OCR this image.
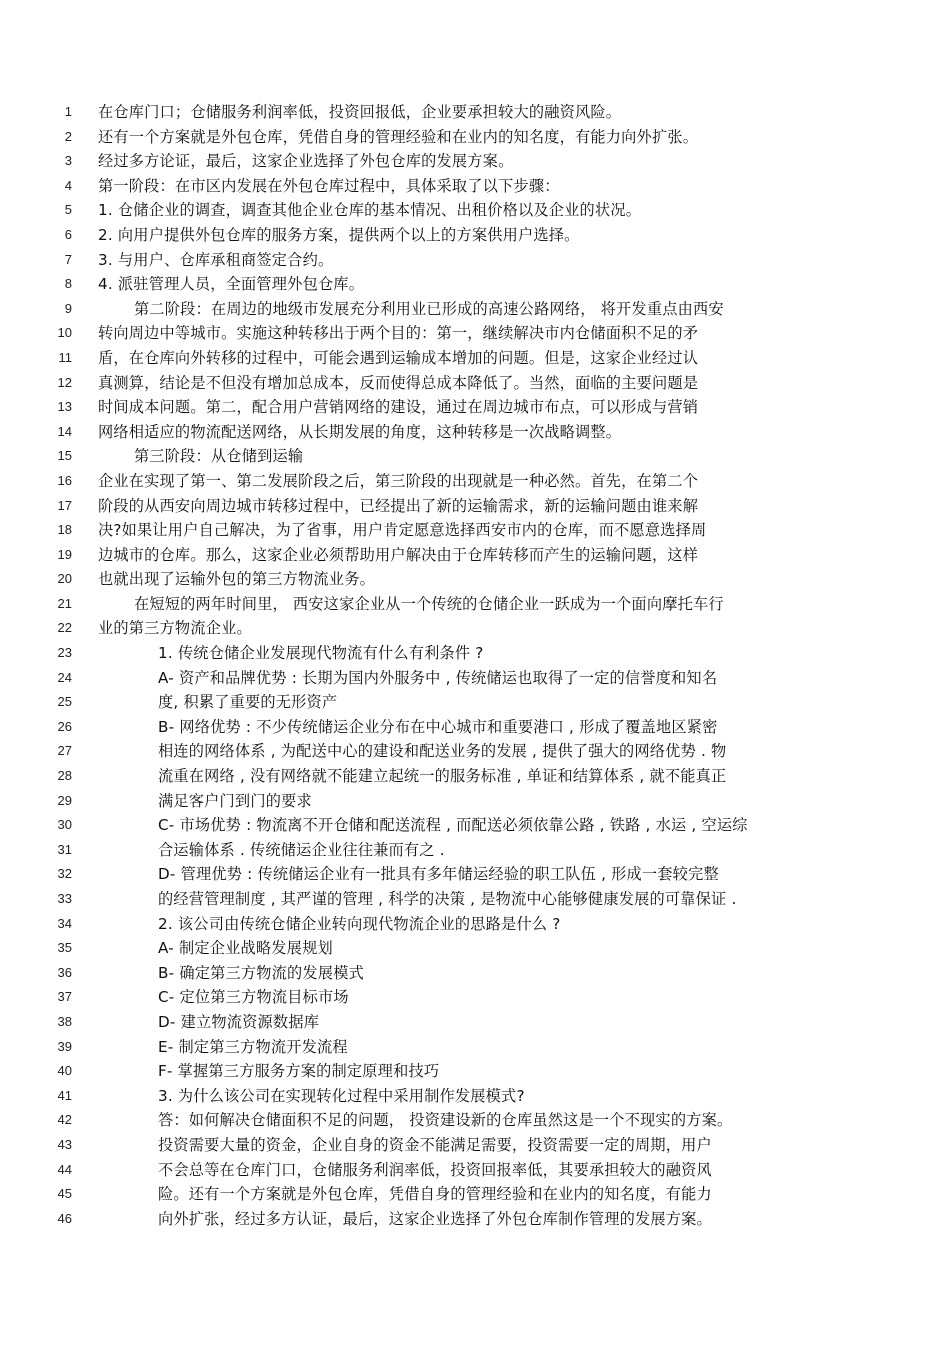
1 在仓库门口；仓储服务利润率低，投资回报低，企业要承担较大的融资风险。
2 还有一个方案就是外包仓库，凭借自身的管理经验和在业内的知名度，有能力向外扩张。
3 经过多方论证，最后，这家企业选择了外包仓库的发展方案。
4 第一阶段：在市区内发展在外包仓库过程中，具体采取了以下步骤：
5 1. 仓储企业的调查，调查其他企业仓库的基本情况、出租价格以及企业的状况。
6 2. 向用户提供外包仓库的服务方案，提供两个以上的方案供用户选择。
7 3. 与用户、仓库承租商签定合约。
8 4. 派驻管理人员，全面管理外包仓库。
9	第二阶段：在周边的地级市发展充分利用业已形成的高速公路网络， 将开发重点由西安
10 转向周边中等城市。实施这种转移出于两个目的：第一，继续解决市内仓储面积不足的矛
11 盾，在仓库向外转移的过程中，可能会遇到运输成本增加的问题。但是，这家企业经过认
12 真测算，结论是不但没有增加总成本，反而使得总成本降低了。当然，面临的主要问题是
13 时间成本问题。第二，配合用户营销网络的建设，通过在周边城市布点，可以形成与营销
14 网络相适应的物流配送网络，从长期发展的角度，这种转移是一次战略调整。
15	第三阶段：从仓储到运输
16 企业在实现了第一、第二发展阶段之后，第三阶段的出现就是一种必然。首先，在第二个
17 阶段的从西安向周边城市转移过程中，已经提出了新的运输需求，新的运输问题由谁来解
18 决?如果让用户自己解决，为了省事，用户肯定愿意选择西安市内的仓库，而不愿意选择周
19 边城市的仓库。那么，这家企业必须帮助用户解决由于仓库转移而产生的运输问题，这样
20 也就出现了运输外包的第三方物流业务。
21	在短短的两年时间里， 西安这家企业从一个传统的仓储企业一跃成为一个面向摩托车行
22 业的第三方物流企业。
23	1. 传统仓储企业发展现代物流有什么有利条件 ?
24	A- 资产和品牌优势 : 长期为国内外服务中 , 传统储运也取得了一定的信誉度和知名
25	度, 积累了重要的无形资产
26	B- 网络优势 : 不少传统储运企业分布在中心城市和重要港口 , 形成了覆盖地区紧密
27	相连的网络体系 , 为配送中心的建设和配送业务的发展 , 提供了强大的网络优势 . 物
28	流重在网络 , 没有网络就不能建立起统一的服务标准 , 单证和结算体系 , 就不能真正
29	满足客户门到门的要求
30	C- 市场优势 : 物流离不开仓储和配送流程 , 而配送必须依靠公路 , 铁路 , 水运 , 空运综
31	合运输体系 . 传统储运企业往往兼而有之 .
32	D- 管理优势 : 传统储运企业有一批具有多年储运经验的职工队伍 , 形成一套较完整
33	的经营管理制度 , 其严谨的管理 , 科学的决策 , 是物流中心能够健康发展的可靠保证 .
34	2. 该公司由传统仓储企业转向现代物流企业的思路是什么 ?
35	A- 制定企业战略发展规划
36	B- 确定第三方物流的发展模式
37	C- 定位第三方物流目标市场
38	D- 建立物流资源数据库
39	E- 制定第三方物流开发流程
40	F- 掌握第三方服务方案的制定原理和技巧
41	3. 为什么该公司在实现转化过程中采用制作发展模式?
42	答：如何解决仓储面积不足的问题， 投资建设新的仓库虽然这是一个不现实的方案。
43	投资需要大量的资金，企业自身的资金不能满足需要，投资需要一定的周期，用户
44	不会总等在仓库门口，仓储服务利润率低，投资回报率低，其要承担较大的融资风
45	险。还有一个方案就是外包仓库，凭借自身的管理经验和在业内的知名度，有能力
46	向外扩张，经过多方认证，最后，这家企业选择了外包仓库制作管理的发展方案。
